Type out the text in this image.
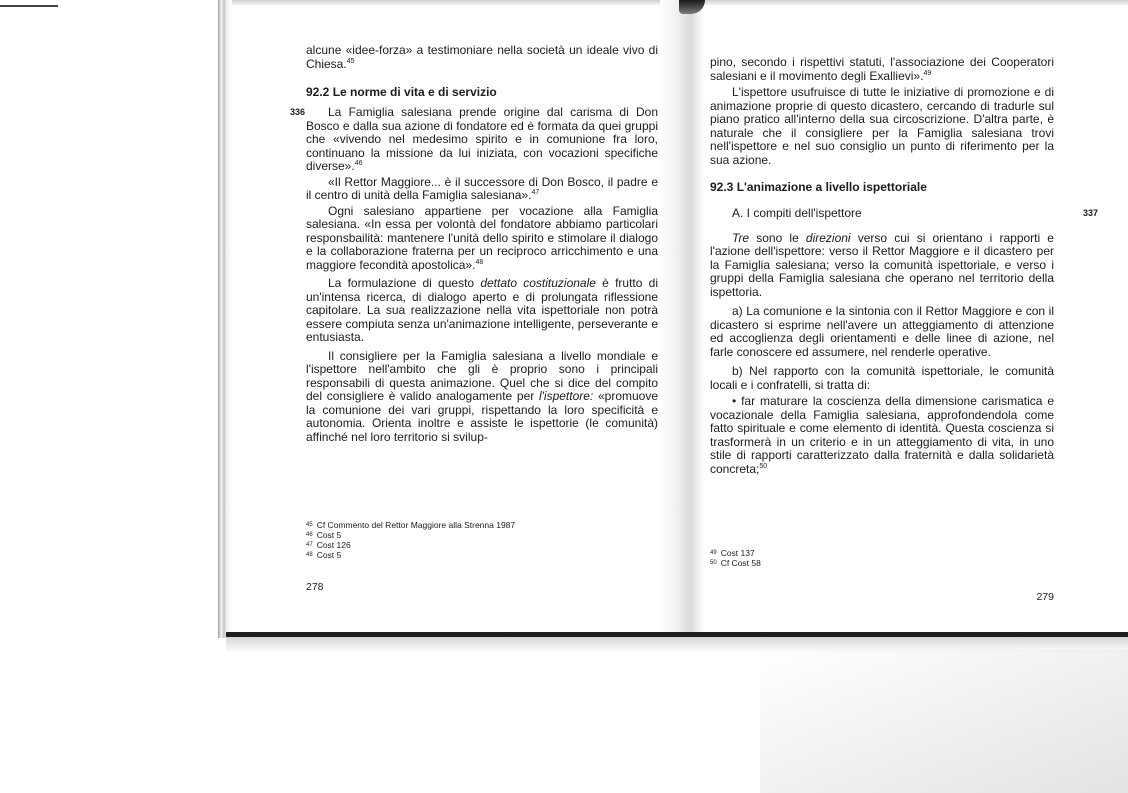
alcune «idee-forza» a testimoniare nella società un ideale vivo di Chiesa.$^{45}$

92.2 Le norme di vita e di servizio

336	La Famiglia salesiana prende origine dal carisma di Don Bosco e dalla sua azione di fondatore ed è formata da quei gruppi che «vivendo nel medesimo spirito e in comunione fra loro, continuano la missione da lui iniziata, con vocazioni specifiche diverse».$^{46}$

«Il Rettor Maggiore... è il successore di Don Bosco, il padre e il centro di unità della Famiglia salesiana».$^{47}$

Ogni salesiano appartiene per vocazione alla Famiglia salesiana. «In essa per volontà del fondatore abbiamo particolari responsbailità: mantenere l'unità dello spirito e stimolare il dialogo e la collaborazione fraterna per un reciproco arricchimento e una maggiore fecondità apostolica».$^{48}$

La formulazione di questo dettato costituzionale è frutto di un'intensa ricerca, di dialogo aperto e di prolungata riflessione capitolare. La sua realizzazione nella vita ispettoriale non potrà essere compiuta senza un'animazione intelligente, perseverante e entusiasta.

Il consigliere per la Famiglia salesiana a livello mondiale e l'ispettore nell'ambito che gli è proprio sono i principali responsabili di questa animazione. Quel che si dice del compito del consigliere è valido analogamente per l'ispettore: «promuove la comunione dei vari gruppi, rispettando la loro specificità e autonomia. Orienta inoltre e assiste le ispettorie (le comunità) affinché nel loro territorio si svilup-

$^{45}$ Cf Commento del Rettor Maggiore alla Strenna 1987
$^{46}$ Cost 5
$^{47}$ Cost 126
$^{48}$ Cost 5
278

pino, secondo i rispettivi statuti, l'associazione dei Cooperatori salesiani e il movimento degli Exallievi».$^{49}$

L'ispettore usufruisce di tutte le iniziative di promozione e di animazione proprie di questo dicastero, cercando di tradurle sul piano pratico all'interno della sua circoscrizione. D'altra parte, è naturale che il consigliere per la Famiglia salesiana trovi nell'ispettore e nel suo consiglio un punto di riferimento per la sua azione.

92.3 L'animazione a livello ispettoriale

A. I compiti dell'ispettore	337

Tre sono le direzioni verso cui si orientano i rapporti e l'azione dell'ispettore: verso il Rettor Maggiore e il dicastero per la Famiglia salesiana; verso la comunità ispettoriale, e verso i gruppi della Famiglia salesiana che operano nel territorio della ispettoria.

a) La comunione e la sintonia con il Rettor Maggiore e con il dicastero si esprime nell'avere un atteggiamento di attenzione ed accoglienza degli orientamenti e delle linee di azione, nel farle conoscere ed assumere, nel renderle operative.

b) Nel rapporto con la comunità ispettoriale, le comunità locali e i confratelli, si tratta di:

• far maturare la coscienza della dimensione carismatica e vocazionale della Famiglia salesiana, approfondendola come fatto spirituale e come elemento di identità. Questa coscienza si trasformerà in un criterio e in un atteggiamento di vita, in uno stile di rapporti caratterizzato dalla fraternità e dalla solidarietà concreta;$^{50}$

$^{49}$ Cost 137
$^{50}$ Cf Cost 58
279
